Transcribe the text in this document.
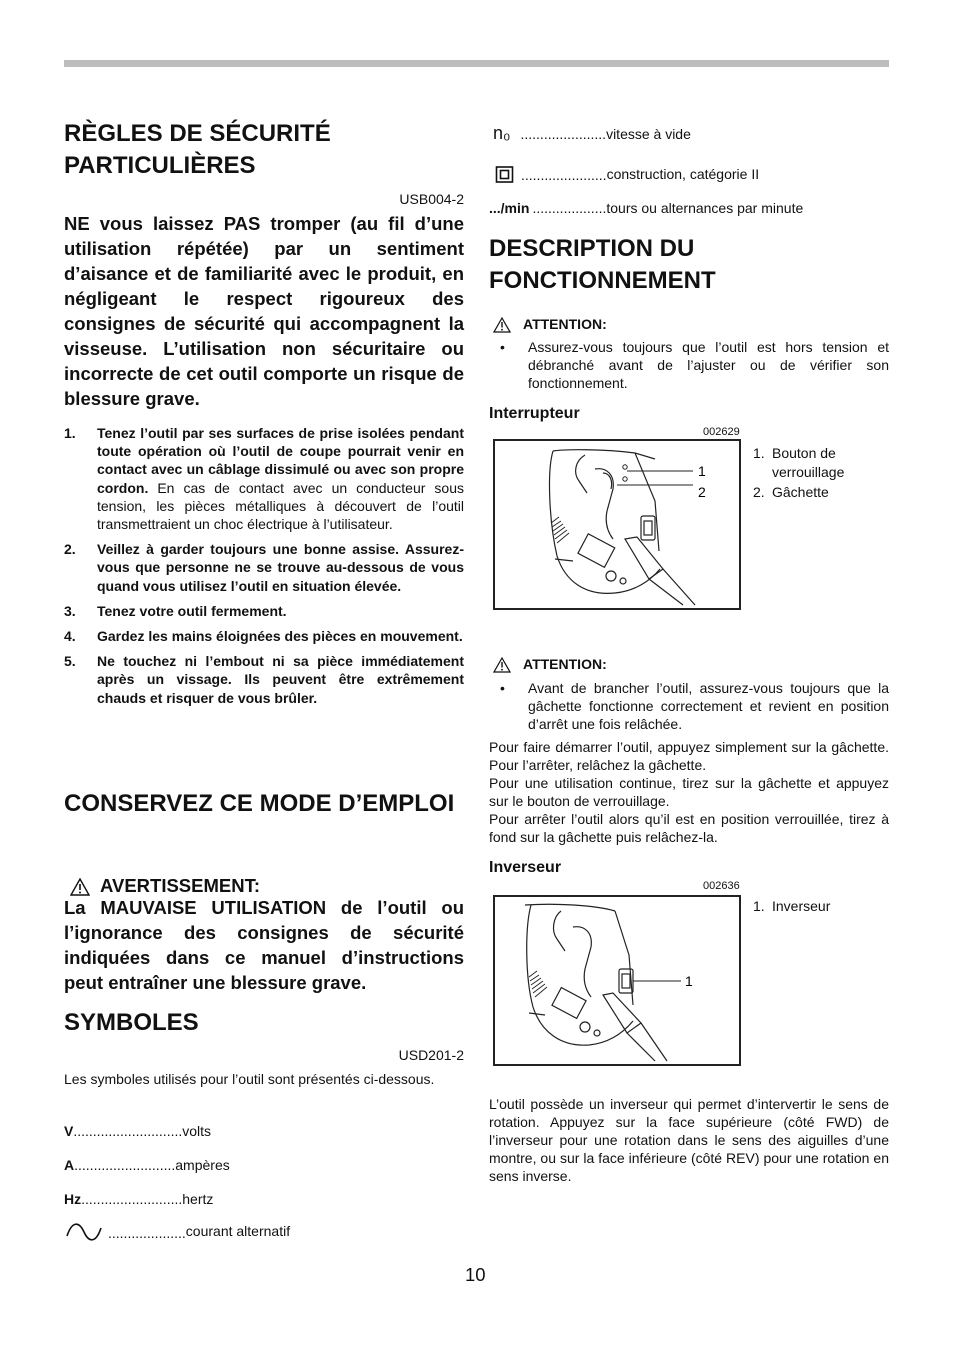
RÈGLES DE SÉCURITÉ PARTICULIÈRES
USB004-2

NE vous laissez PAS tromper (au fil d’une utilisation répétée) par un sentiment d’aisance et de familiarité avec le produit, en négligeant le respect rigoureux des consignes de sécurité qui accompagnent la visseuse. L’utilisation non sécuritaire ou incorrecte de cet outil comporte un risque de blessure grave.

1. Tenez l’outil par ses surfaces de prise isolées pendant toute opération où l’outil de coupe pourrait venir en contact avec un câblage dissimulé ou avec son propre cordon. En cas de contact avec un conducteur sous tension, les pièces métalliques à découvert de l’outil transmettraient un choc électrique à l’utilisateur.
2. Veillez à garder toujours une bonne assise. Assurez-vous que personne ne se trouve au-dessous de vous quand vous utilisez l’outil en situation élevée.
3. Tenez votre outil fermement.
4. Gardez les mains éloignées des pièces en mouvement.
5. Ne touchez ni l’embout ni sa pièce immédiatement après un vissage. Ils peuvent être extrêmement chauds et risquer de vous brûler.
CONSERVEZ CE MODE D’EMPLOI
AVERTISSEMENT:

La MAUVAISE UTILISATION de l’outil ou l’ignorance des consignes de sécurité indiquées dans ce manuel d’instructions peut entraîner une blessure grave.

SYMBOLES
USD201-2

Les symboles utilisés pour l’outil sont présentés ci-dessous.

V............................volts
A..........................ampères
Hz..........................hertz
....................courant alternatif
n₀ ......................vitesse à vide
......................construction, catégorie II
.../min ...................tours ou alternances par minute
DESCRIPTION DU FONCTIONNEMENT
ATTENTION:
• Assurez-vous toujours que l’outil est hors tension et débranché avant de l’ajuster ou de vérifier son fonctionnement.
Interrupteur
002629
1
2
1. Bouton de verrouillage
2. Gâchette
ATTENTION:
• Avant de brancher l’outil, assurez-vous toujours que la gâchette fonctionne correctement et revient en position d’arrêt une fois relâchée.
Pour faire démarrer l’outil, appuyez simplement sur la gâchette. Pour l’arrêter, relâchez la gâchette.
Pour une utilisation continue, tirez sur la gâchette et appuyez sur le bouton de verrouillage.
Pour arrêter l’outil alors qu’il est en position verrouillée, tirez à fond sur la gâchette puis relâchez-la.
Inverseur
002636
1
1. Inverseur

L’outil possède un inverseur qui permet d’intervertir le sens de rotation. Appuyez sur la face supérieure (côté FWD) de l’inverseur pour une rotation dans le sens des aiguilles d’une montre, ou sur la face inférieure (côté REV) pour une rotation en sens inverse.

10
